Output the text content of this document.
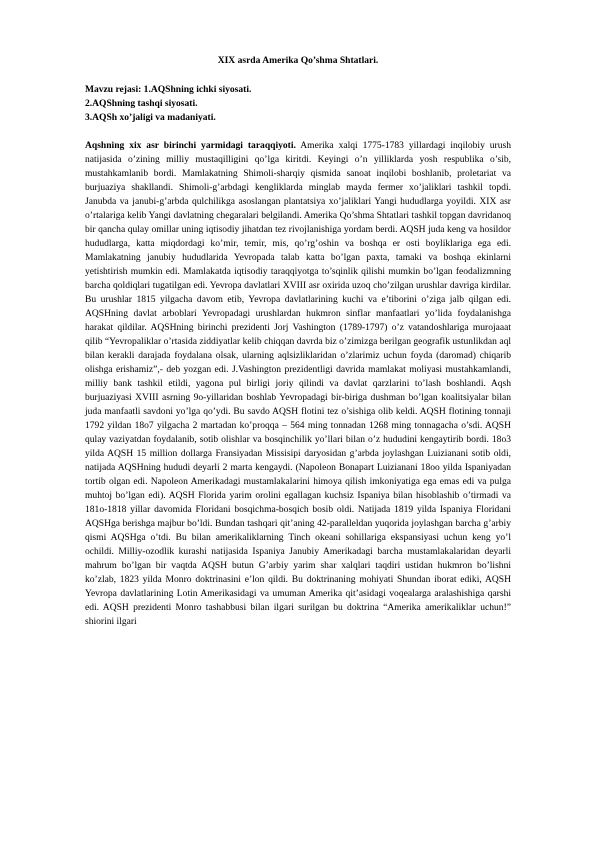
XIX asrda Amerika Qo’shma Shtatlari.

Mavzu rejasi: 1.AQShning ichki siyosati.
2.AQShning tashqi siyosati.
3.AQSh xo’jaligi va madaniyati.

Aqshning xix asr birinchi yarmidagi taraqqiyoti. Amerika xalqi 1775-1783 yillardagi inqilobiy urush natijasida o’zining milliy mustaqilligini qo’lga kiritdi. Keyingi o’n yilliklarda yosh respublika o’sib, mustahkamlanib bordi. Mamlakatning Shimoli-sharqiy qismida sanoat inqilobi boshlanib, proletariat va burjuaziya shakllandi. Shimoli-g’arbdagi kengliklarda minglab mayda fermer xo’jaliklari tashkil topdi. Janubda va janubi-g’arbda qulchilikga asoslangan plantatsiya xo’jaliklari Yangi hududlarga yoyildi. XIX asr o’rtalariga kelib Yangi davlatning chegaralari belgilandi. Amerika Qo’shma Shtatlari tashkil topgan davridanoq bir qancha qulay omillar uning iqtisodiy jihatdan tez rivojlanishiga yordam berdi. AQSH juda keng va hosildor hududlarga, katta miqdordagi ko’mir, temir, mis, qo’rg’oshin va boshqa er osti boyliklariga ega edi. Mamlakatning janubiy hududlarida Yevropada talab katta bo’lgan paxta, tamaki va boshqa ekinlarni yetishtirish mumkin edi. Mamlakatda iqtisodiy taraqqiyotga to’sqinlik qilishi mumkin bo’lgan feodalizmning barcha qoldiqlari tugatilgan edi. Yevropa davlatlari XVIII asr oxirida uzoq cho’zilgan urushlar davriga kirdilar. Bu urushlar 1815 yilgacha davom etib, Yevropa davlatlarining kuchi va e’tiborini o’ziga jalb qilgan edi. AQSHning davlat arboblari Yevropadagi urushlardan hukmron sinflar manfaatlari yo’lida foydalanishga harakat qildilar. AQSHning birinchi prezidenti Jorj Vashington (1789-1797) o’z vatandoshlariga murojaaat qilib “Yevropaliklar o’rtasida ziddiyatlar kelib chiqqan davrda biz o’zimizga berilgan geografik ustunlikdan aql bilan kerakli darajada foydalana olsak, ularning aqlsizliklaridan o’zlarimiz uchun foyda (daromad) chiqarib olishga erishamiz”,- deb yozgan edi. J.Vashington prezidentligi davrida mamlakat moliyasi mustahkamlandi, milliy bank tashkil etildi, yagona pul birligi joriy qilindi va davlat qarzlarini to’lash boshlandi. Aqsh burjuaziyasi XVIII asrning 9o-yillaridan boshlab Yevropadagi bir-biriga dushman bo’lgan koalitsiyalar bilan juda manfaatli savdoni yo’lga qo’ydi. Bu savdo AQSH flotini tez o’sishiga olib keldi. AQSH flotining tonnaji 1792 yildan 18o7 yilgacha 2 martadan ko’proqqa – 564 ming tonnadan 1268 ming tonnagacha o’sdi. AQSH qulay vaziyatdan foydalanib, sotib olishlar va bosqinchilik yo’llari bilan o’z hududini kengaytirib bordi. 18o3 yilda AQSH 15 million dollarga Fransiyadan Missisipi daryosidan g’arbda joylashgan Luizianani sotib oldi, natijada AQSHning hududi deyarli 2 marta kengaydi. (Napoleon Bonapart Luizianani 18oo yilda Ispaniyadan tortib olgan edi. Napoleon Amerikadagi mustamlakalarini himoya qilish imkoniyatiga ega emas edi va pulga muhtoj bo’lgan edi). AQSH Florida yarim orolini egallagan kuchsiz Ispaniya bilan hisoblashib o’tirmadi va 181o-1818 yillar davomida Floridani bosqichma-bosqich bosib oldi. Natijada 1819 yilda Ispaniya Floridani AQSHga berishga majbur bo’ldi. Bundan tashqari qit’aning 42-paralleldan yuqorida joylashgan barcha g’arbiy qismi AQSHga o’tdi. Bu bilan amerikaliklarning Tinch okeani sohillariga ekspansiyasi uchun keng yo’l ochildi. Milliy-ozodlik kurashi natijasida Ispaniya Janubiy Amerikadagi barcha mustamlakalaridan deyarli mahrum bo’lgan bir vaqtda AQSH butun G’arbiy yarim shar xalqlari taqdiri ustidan hukmron bo’lishni ko’zlab, 1823 yilda Monro doktrinasini e’lon qildi. Bu doktrinaning mohiyati Shundan iborat ediki, AQSH Yevropa davlatlarining Lotin Amerikasidagi va umuman Amerika qit’asidagi voqealarga aralashishiga qarshi edi. AQSH prezidenti Monro tashabbusi bilan ilgari surilgan bu doktrina “Amerika amerikaliklar uchun!” shiorini ilgari
